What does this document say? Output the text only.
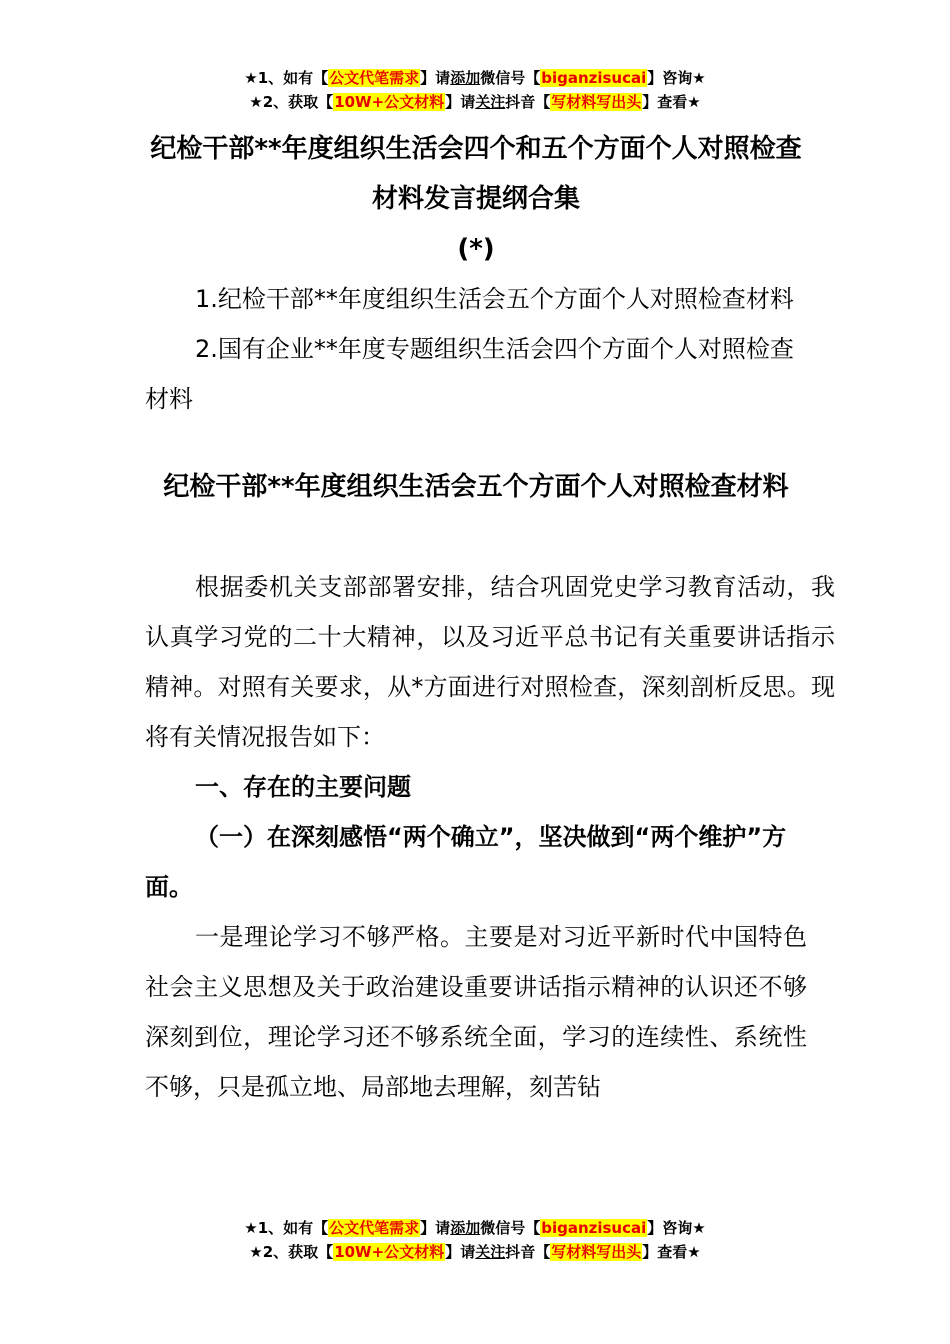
★1、如有【公文代笔需求】请添加微信号【biganzisucai】咨询★
★2、获取【10W+公文材料】请关注抖音【写材料写出头】查看★

纪检干部**年度组织生活会四个和五个方面个人对照检查材料发言提纲合集

(*)

1.纪检干部**年度组织生活会五个方面个人对照检查材料

2.国有企业**年度专题组织生活会四个方面个人对照检查材料

纪检干部**年度组织生活会五个方面个人对照检查材料

根据委机关支部部署安排，结合巩固党史学习教育活动，我认真学习党的二十大精神，以及习近平总书记有关重要讲话指示精神。对照有关要求，从*方面进行对照检查，深刻剖析反思。现将有关情况报告如下：

一、存在的主要问题

（一）在深刻感悟“两个确立”，坚决做到“两个维护”方面。

一是理论学习不够严格。主要是对习近平新时代中国特色社会主义思想及关于政治建设重要讲话指示精神的认识还不够深刻到位，理论学习还不够系统全面，学习的连续性、系统性不够，只是孤立地、局部地去理解，刻苦钻

★1、如有【公文代笔需求】请添加微信号【biganzisucai】咨询★
★2、获取【10W+公文材料】请关注抖音【写材料写出头】查看★
